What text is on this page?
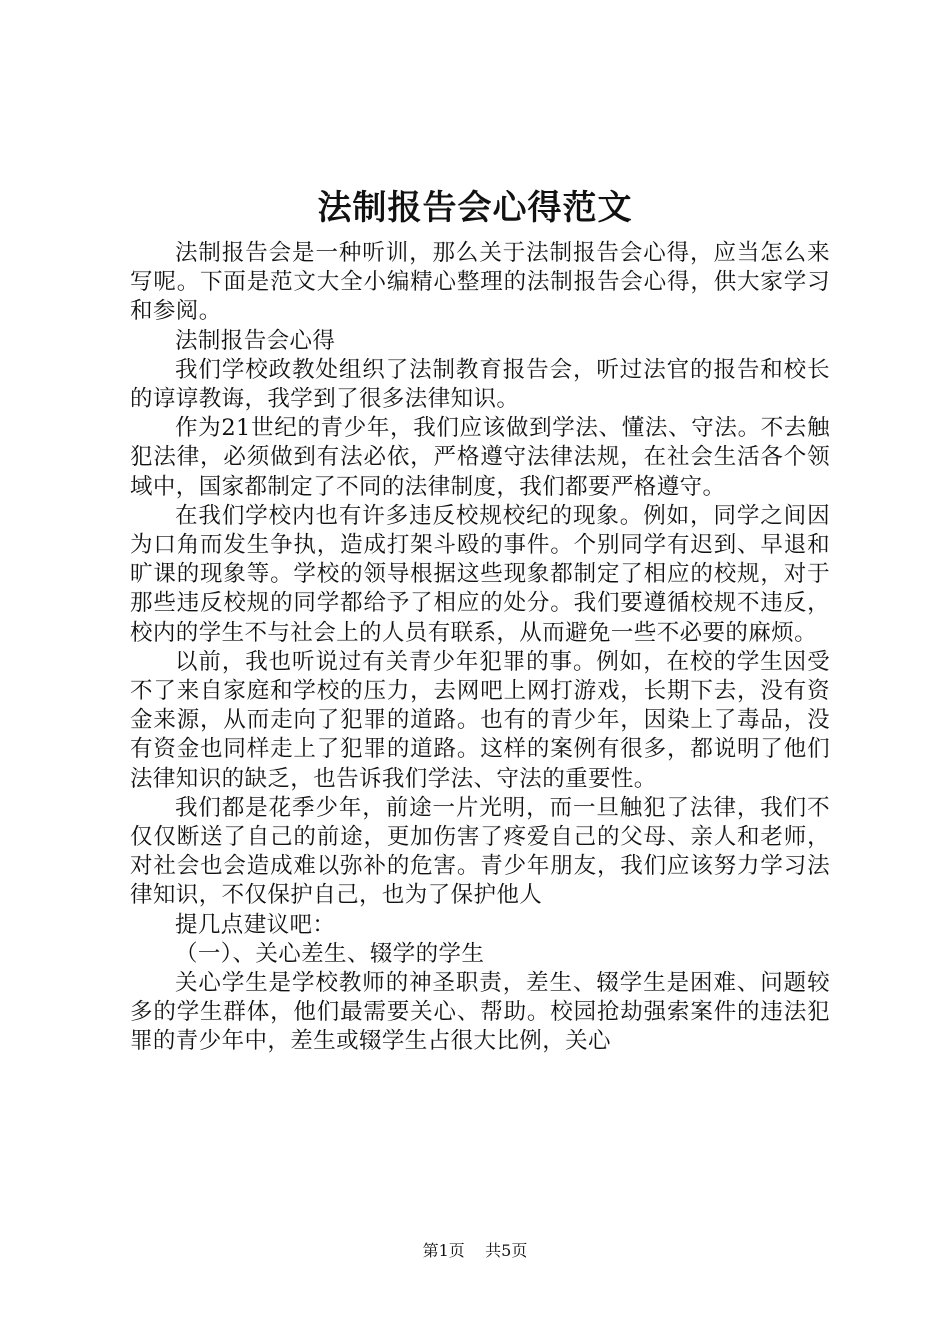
法制报告会心得范文

法制报告会是一种听训，那么关于法制报告会心得，应当怎么来写呢。下面是范文大全小编精心整理的法制报告会心得，供大家学习和参阅。

法制报告会心得

我们学校政教处组织了法制教育报告会，听过法官的报告和校长的谆谆教诲，我学到了很多法律知识。

作为21世纪的青少年，我们应该做到学法、懂法、守法。不去触犯法律，必须做到有法必依，严格遵守法律法规，在社会生活各个领域中，国家都制定了不同的法律制度，我们都要严格遵守。

在我们学校内也有许多违反校规校纪的现象。例如，同学之间因为口角而发生争执，造成打架斗殴的事件。个别同学有迟到、早退和旷课的现象等。学校的领导根据这些现象都制定了相应的校规，对于那些违反校规的同学都给予了相应的处分。我们要遵循校规不违反，校内的学生不与社会上的人员有联系，从而避免一些不必要的麻烦。

以前，我也听说过有关青少年犯罪的事。例如，在校的学生因受不了来自家庭和学校的压力，去网吧上网打游戏，长期下去，没有资金来源，从而走向了犯罪的道路。也有的青少年，因染上了毒品，没有资金也同样走上了犯罪的道路。这样的案例有很多，都说明了他们法律知识的缺乏，也告诉我们学法、守法的重要性。

我们都是花季少年，前途一片光明，而一旦触犯了法律，我们不仅仅断送了自己的前途，更加伤害了疼爱自己的父母、亲人和老师，对社会也会造成难以弥补的危害。青少年朋友，我们应该努力学习法律知识，不仅保护自己，也为了保护他人

提几点建议吧：

（一）、关心差生、辍学的学生

关心学生是学校教师的神圣职责，差生、辍学生是困难、问题较多的学生群体，他们最需要关心、帮助。校园抢劫强索案件的违法犯罪的青少年中，差生或辍学生占很大比例，关心

第1页 共5页
